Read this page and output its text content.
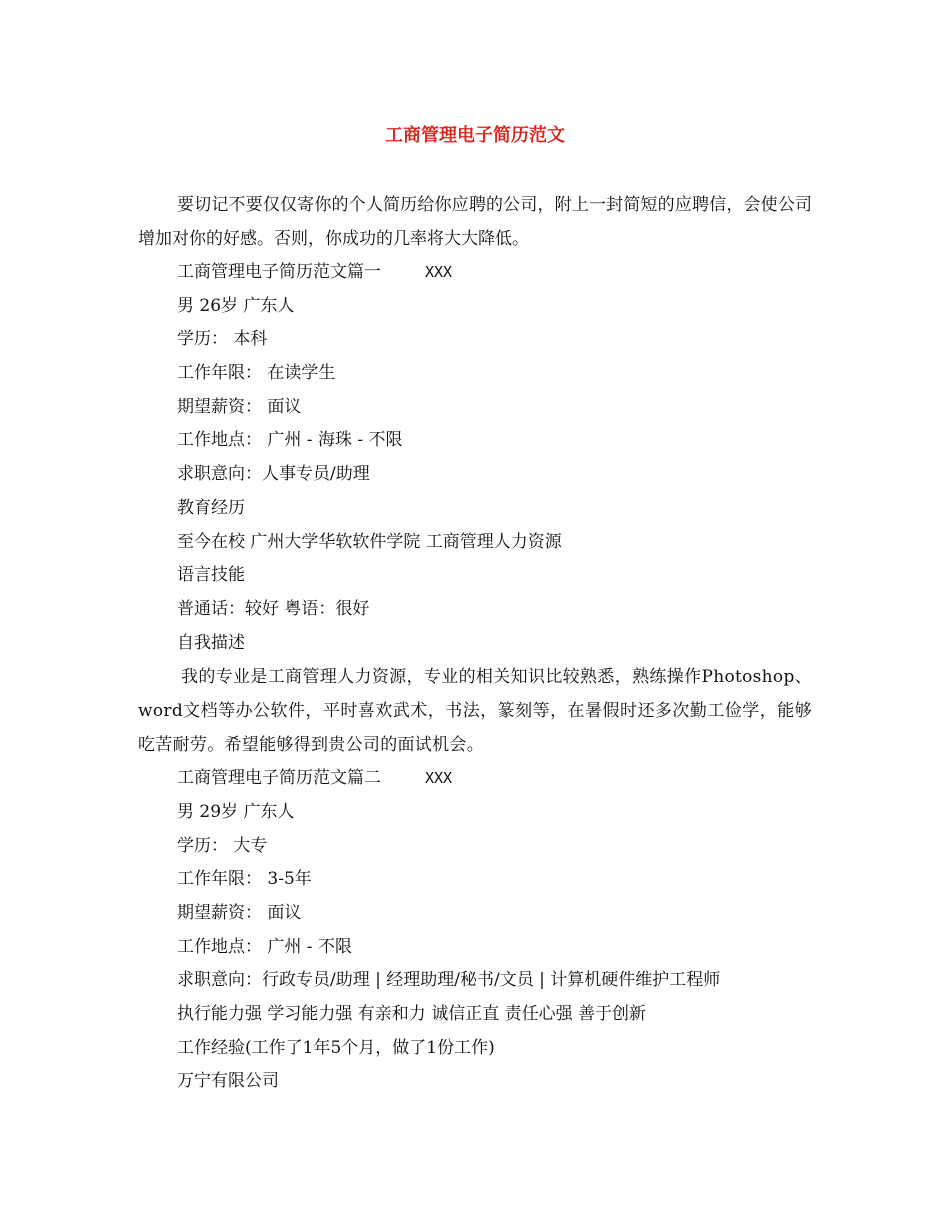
工商管理电子简历范文
要切记不要仅仅寄你的个人简历给你应聘的公司，附上一封简短的应聘信，会使公司增加对你的好感。否则，你成功的几率将大大降低。
工商管理电子简历范文篇一	XXX
男 26岁 广东人
学历： 本科
工作年限： 在读学生
期望薪资： 面议
工作地点： 广州 - 海珠 - 不限
求职意向：人事专员/助理
教育经历
至今在校 广州大学华软软件学院 工商管理人力资源
语言技能
普通话：较好 粤语：很好
自我描述
我的专业是工商管理人力资源，专业的相关知识比较熟悉，熟练操作Photoshop、word文档等办公软件，平时喜欢武术，书法，篆刻等，在暑假时还多次勤工俭学，能够吃苦耐劳。希望能够得到贵公司的面试机会。
工商管理电子简历范文篇二	XXX
男 29岁 广东人
学历： 大专
工作年限： 3-5年
期望薪资： 面议
工作地点： 广州 - 不限
求职意向：行政专员/助理 | 经理助理/秘书/文员 | 计算机硬件维护工程师
执行能力强 学习能力强 有亲和力 诚信正直 责任心强 善于创新
工作经验(工作了1年5个月，做了1份工作)
万宁有限公司
